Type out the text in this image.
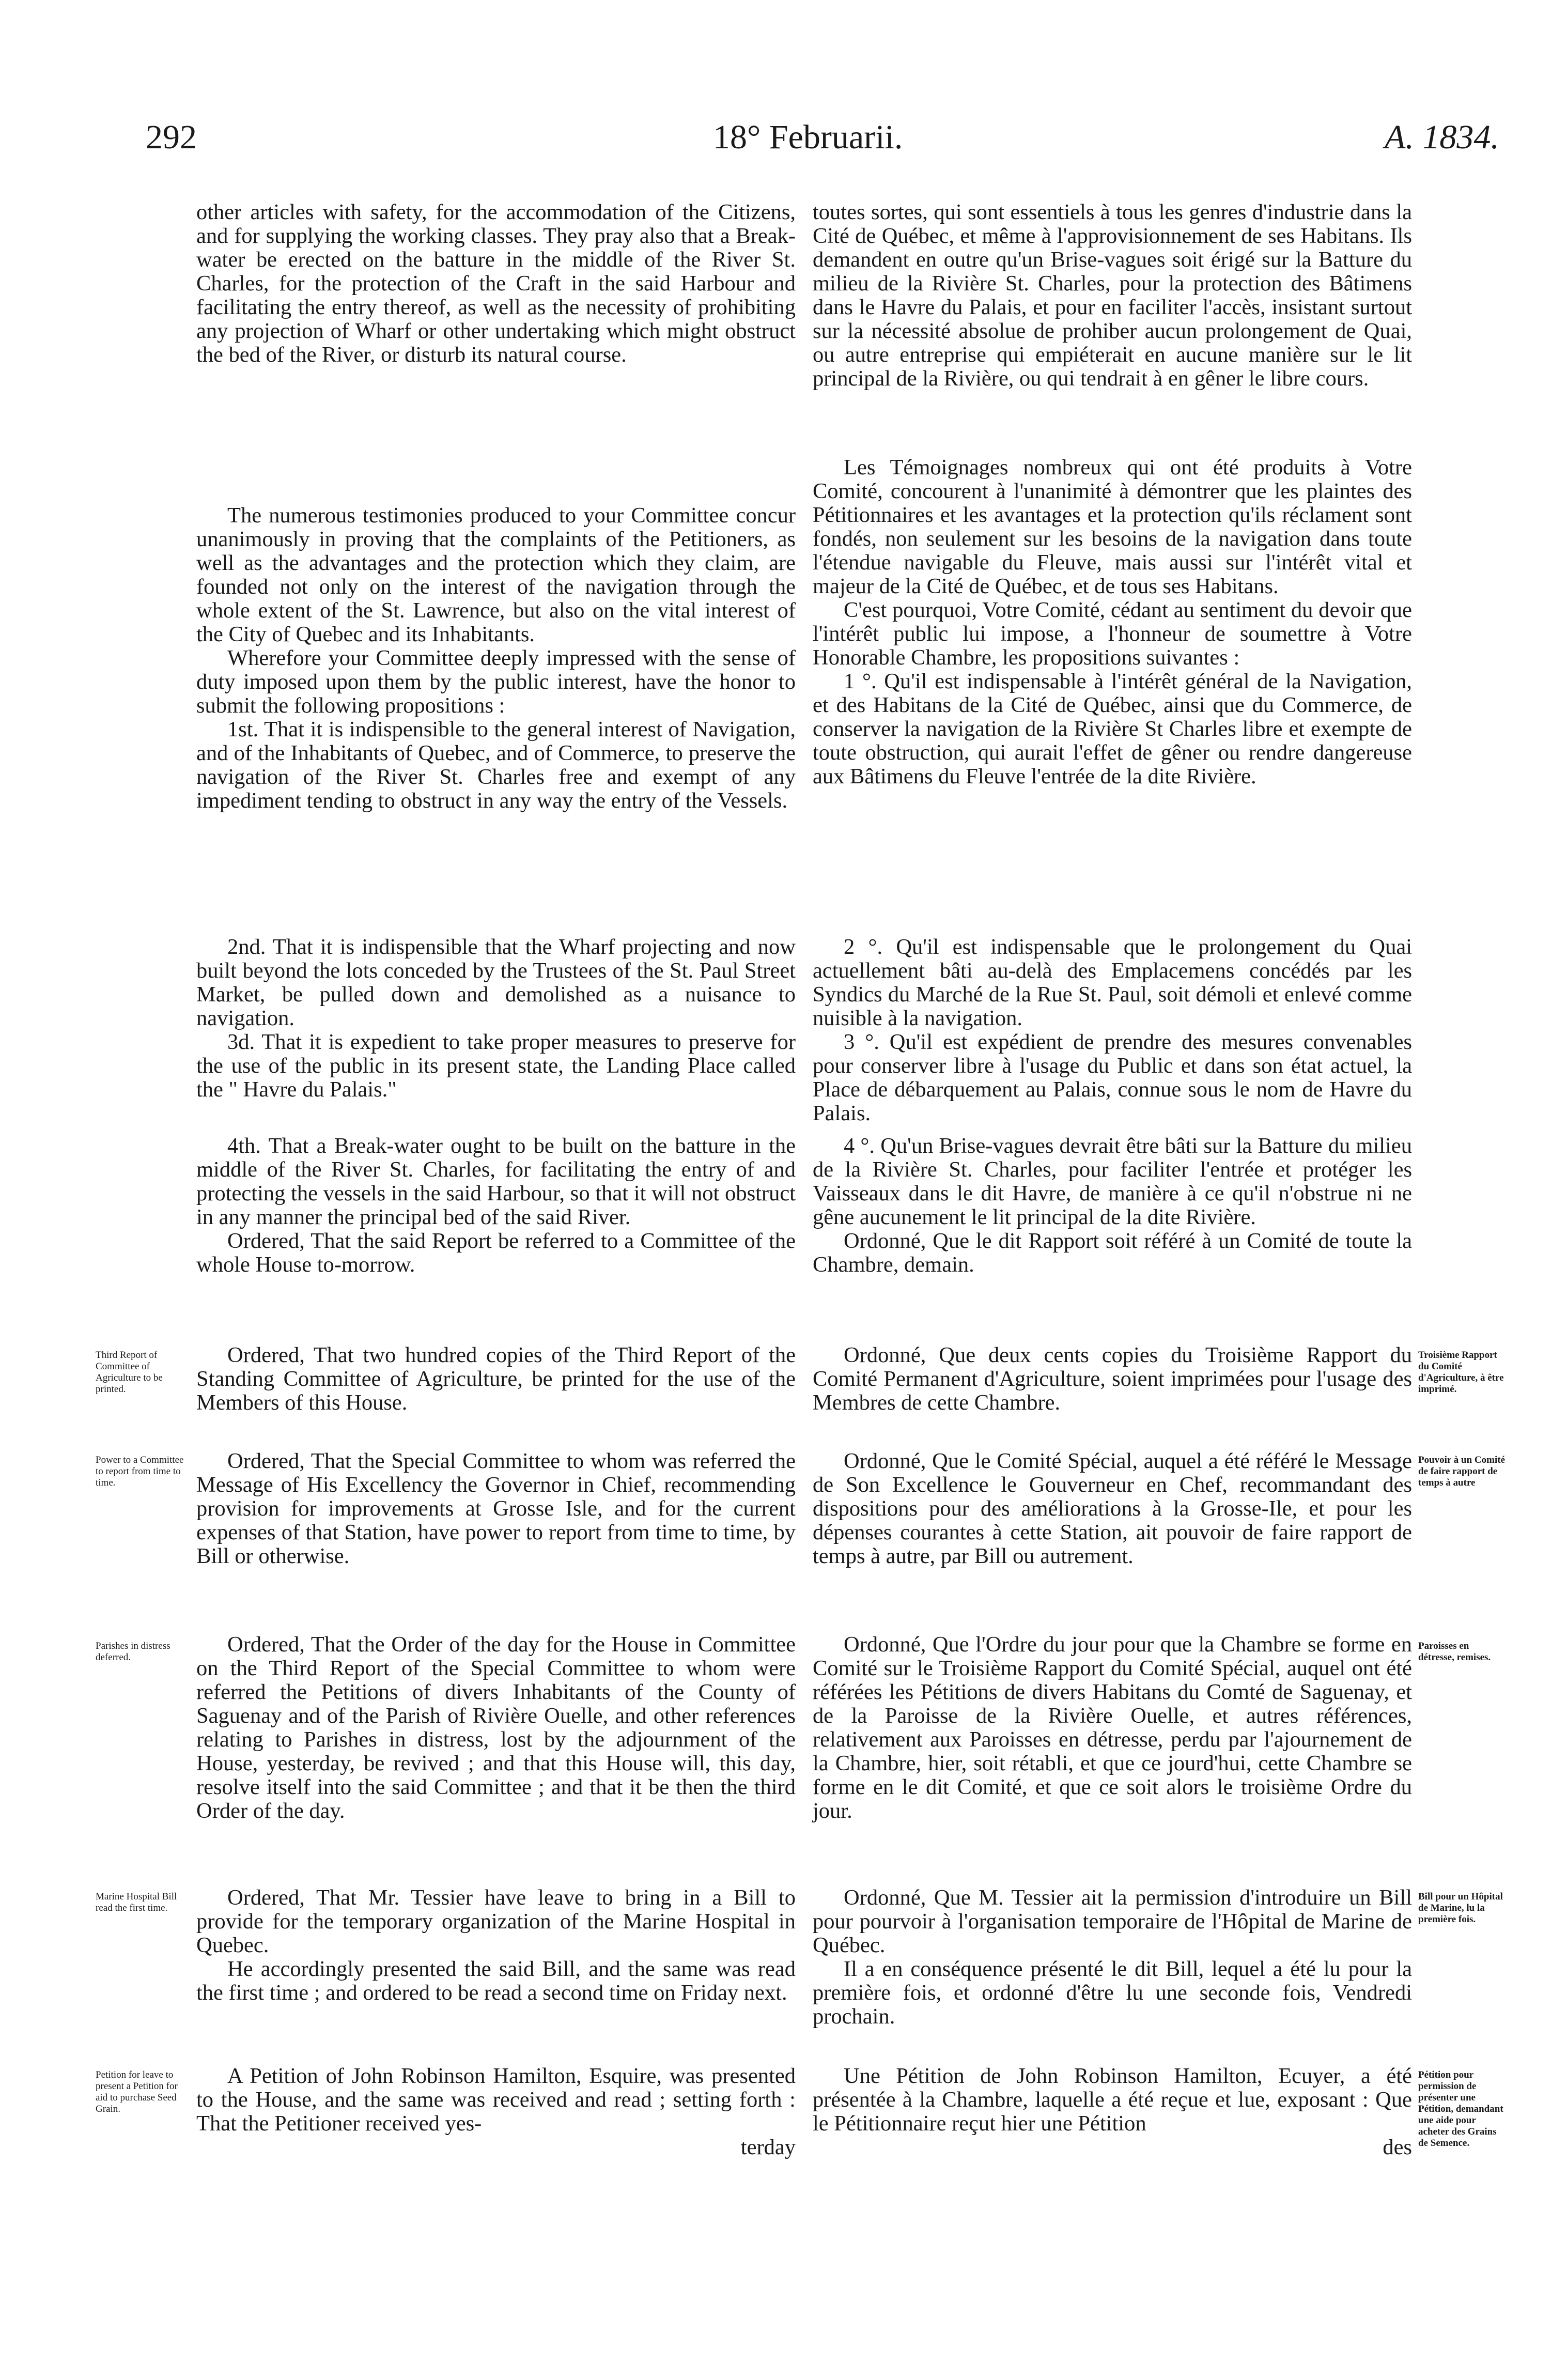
292	18° Februarii.	A. 1834.

other articles with safety, for the accommodation of the Citizens, and for supplying the working classes. They pray also that a Break-water be erected on the batture in the middle of the River St. Charles, for the protection of the Craft in the said Harbour and facilitating the entry thereof, as well as the necessity of prohibiting any projection of Wharf or other undertaking which might obstruct the bed of the River, or disturb its natural course.

toutes sortes, qui sont essentiels à tous les genres d'industrie dans la Cité de Québec, et même à l'approvisionnement de ses Habitans. Ils demandent en outre qu'un Brise-vagues soit érigé sur la Batture du milieu de la Rivière St. Charles, pour la protection des Bâtimens dans le Havre du Palais, et pour en faciliter l'accès, insistant surtout sur la nécessité absolue de prohiber aucun prolongement de Quai, ou autre entreprise qui empiéterait en aucune manière sur le lit principal de la Rivière, ou qui tendrait à en gêner le libre cours.

The numerous testimonies produced to your Committee concur unanimously in proving that the complaints of the Petitioners, as well as the advantages and the protection which they claim, are founded not only on the interest of the navigation through the whole extent of the St. Lawrence, but also on the vital interest of the City of Quebec and its Inhabitants.

Wherefore your Committee deeply impressed with the sense of duty imposed upon them by the public interest, have the honor to submit the following propositions :

1st. That it is indispensible to the general interest of Navigation, and of the Inhabitants of Quebec, and of Commerce, to preserve the navigation of the River St. Charles free and exempt of any impediment tending to obstruct in any way the entry of the Vessels.

Les Témoignages nombreux qui ont été produits à Votre Comité, concourent à l'unanimité à démontrer que les plaintes des Pétitionnaires et les avantages et la protection qu'ils réclament sont fondés, non seulement sur les besoins de la navigation dans toute l'étendue navigable du Fleuve, mais aussi sur l'intérêt vital et majeur de la Cité de Québec, et de tous ses Habitans.

C'est pourquoi, Votre Comité, cédant au sentiment du devoir que l'intérêt public lui impose, a l'honneur de soumettre à Votre Honorable Chambre, les propositions suivantes :

1 °. Qu'il est indispensable à l'intérêt général de la Navigation, et des Habitans de la Cité de Québec, ainsi que du Commerce, de conserver la navigation de la Rivière St Charles libre et exempte de toute obstruction, qui aurait l'effet de gêner ou rendre dangereuse aux Bâtimens du Fleuve l'entrée de la dite Rivière.

2nd. That it is indispensible that the Wharf projecting and now built beyond the lots conceded by the Trustees of the St. Paul Street Market, be pulled down and demolished as a nuisance to navigation.

3d. That it is expedient to take proper measures to preserve for the use of the public in its present state, the Landing Place called the " Havre du Palais."

2 °. Qu'il est indispensable que le prolongement du Quai actuellement bâti au-delà des Emplacemens concédés par les Syndics du Marché de la Rue St. Paul, soit démoli et enlevé comme nuisible à la navigation.

3 °. Qu'il est expédient de prendre des mesures convenables pour conserver libre à l'usage du Public et dans son état actuel, la Place de débarquement au Palais, connue sous le nom de Havre du Palais.

4th. That a Break-water ought to be built on the batture in the middle of the River St. Charles, for facilitating the entry of and protecting the vessels in the said Harbour, so that it will not obstruct in any manner the principal bed of the said River.

Ordered, That the said Report be referred to a Committee of the whole House to-morrow.

4 °. Qu'un Brise-vagues devrait être bâti sur la Batture du milieu de la Rivière St. Charles, pour faciliter l'entrée et protéger les Vaisseaux dans le dit Havre, de manière à ce qu'il n'obstrue ni ne gêne aucunement le lit principal de la dite Rivière.

Ordonné, Que le dit Rapport soit référé à un Comité de toute la Chambre, demain.

Third Report of Committee of Agriculture to be printed.
Troisième Rapport du Comité d'Agriculture, à être imprimé.

Ordered, That two hundred copies of the Third Report of the Standing Committee of Agriculture, be printed for the use of the Members of this House.

Ordonné, Que deux cents copies du Troisième Rapport du Comité Permanent d'Agriculture, soient imprimées pour l'usage des Membres de cette Chambre.

Power to a Committee to report from time to time.
Pouvoir à un Comité de faire rapport de temps à autre

Ordered, That the Special Committee to whom was referred the Message of His Excellency the Governor in Chief, recommending provision for improvements at Grosse Isle, and for the current expenses of that Station, have power to report from time to time, by Bill or otherwise.

Ordonné, Que le Comité Spécial, auquel a été référé le Message de Son Excellence le Gouverneur en Chef, recommandant des dispositions pour des améliorations à la Grosse-Ile, et pour les dépenses courantes à cette Station, ait pouvoir de faire rapport de temps à autre, par Bill ou autrement.

Parishes in distress deferred.
Paroisses en détresse, remises.

Ordered, That the Order of the day for the House in Committee on the Third Report of the Special Committee to whom were referred the Petitions of divers Inhabitants of the County of Saguenay and of the Parish of Rivière Ouelle, and other references relating to Parishes in distress, lost by the adjournment of the House, yesterday, be revived ; and that this House will, this day, resolve itself into the said Committee ; and that it be then the third Order of the day.

Ordonné, Que l'Ordre du jour pour que la Chambre se forme en Comité sur le Troisième Rapport du Comité Spécial, auquel ont été référées les Pétitions de divers Habitans du Comté de Saguenay, et de la Paroisse de la Rivière Ouelle, et autres références, relativement aux Paroisses en détresse, perdu par l'ajournement de la Chambre, hier, soit rétabli, et que ce jourd'hui, cette Chambre se forme en le dit Comité, et que ce soit alors le troisième Ordre du jour.

Marine Hospital Bill read the first time.
Bill pour un Hôpital de Marine, lu la première fois.

Ordered, That Mr. Tessier have leave to bring in a Bill to provide for the temporary organization of the Marine Hospital in Quebec.

He accordingly presented the said Bill, and the same was read the first time ; and ordered to be read a second time on Friday next.

Ordonné, Que M. Tessier ait la permission d'introduire un Bill pour pourvoir à l'organisation temporaire de l'Hôpital de Marine de Québec.

Il a en conséquence présenté le dit Bill, lequel a été lu pour la première fois, et ordonné d'être lu une seconde fois, Vendredi prochain.

Petition for leave to present a Petition for aid to purchase Seed Grain.
Pétition pour permission de présenter une Pétition, demandant une aide pour acheter des Grains de Semence.

A Petition of John Robinson Hamilton, Esquire, was presented to the House, and the same was received and read ; setting forth : That the Petitioner received yes-

terday

Une Pétition de John Robinson Hamilton, Ecuyer, a été présentée à la Chambre, laquelle a été reçue et lue, exposant : Que le Pétitionnaire reçut hier une Pétition

des
